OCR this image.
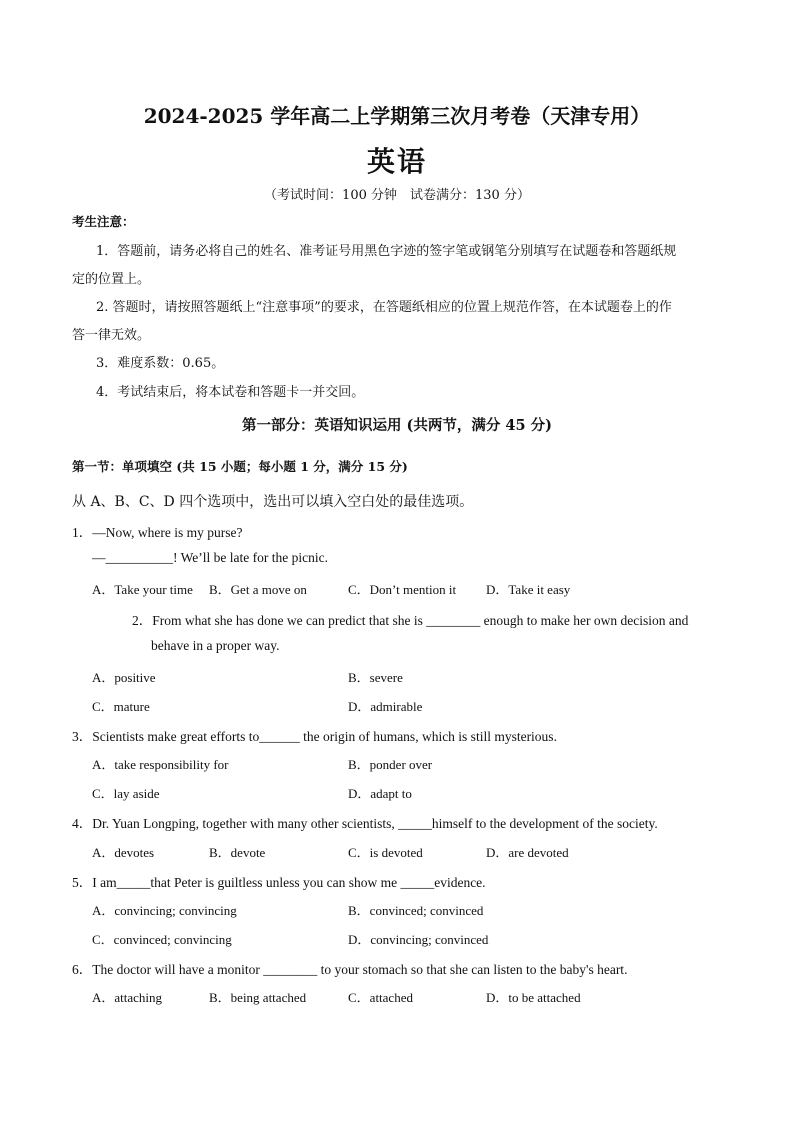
2024-2025 学年高二上学期第三次月考卷（天津专用）
英语
（考试时间：100 分钟　试卷满分：130 分）
考生注意：
1．答题前，请务必将自己的姓名、准考证号用黑色字迹的签字笔或钢笔分别填写在试题卷和答题纸规
定的位置上。
2. 答题时，请按照答题纸上“注意事项”的要求，在答题纸相应的位置上规范作答，在本试题卷上的作
答一律无效。
3．难度系数：0.65。
4．考试结束后，将本试卷和答题卡一并交回。
第一部分：英语知识运用 (共两节，满分 45 分)
第一节：单项填空 (共 15 小题；每小题 1 分，满分 15 分)
从 A、B、C、D 四个选项中，选出可以填入空白处的最佳选项。
1．—Now, where is my purse?
—__________! We’ll be late for the picnic.
A．Take your time B．Get a move on	C．Don’t mention it D．Take it easy
2．From what she has done we can predict that she is ________ enough to make her own decision and
behave in a proper way.
A．positive	B．severe
C．mature	D．admirable
3．Scientists make great efforts to______ the origin of humans, which is still mysterious.
A．take responsibility for	B．ponder over
C．lay aside	D．adapt to
4．Dr. Yuan Longping, together with many other scientists, _____himself to the development of the society.
A．devotes	B．devote	C．is devoted	D．are devoted
5．I am_____that Peter is guiltless unless you can show me _____evidence.
A．convincing; convincing	B．convinced; convinced
C．convinced; convincing	D．convincing; convinced
6．The doctor will have a monitor ________ to your stomach so that she can listen to the baby's heart.
A．attaching	B．being attached	C．attached	D．to be attached
